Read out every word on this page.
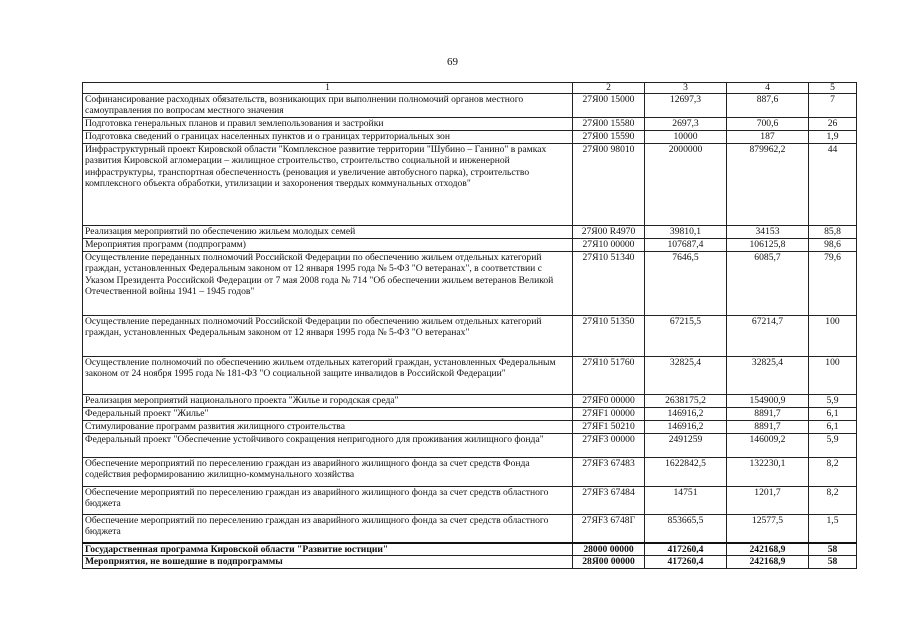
69
1	2	3	4	5
Софинансирование расходных обязательств, возникающих при выполнении полномочий органов местного самоуправления по вопросам местного значения	27Я00 15000	12697,3	887,6	7
Подготовка генеральных планов и правил землепользования и застройки	27Я00 15580	2697,3	700,6	26
Подготовка сведений о границах населенных пунктов и о границах территориальных зон	27Я00 15590	10000	187	1,9
Инфраструктурный проект Кировской области "Комплексное развитие территории "Шубино – Ганино" в рамках развития Кировской агломерации – жилищное строительство, строительство социальной и инженерной инфраструктуры, транспортная обеспеченность (реновация и увеличение автобусного парка), строительство комплексного объекта обработки, утилизации и захоронения твердых коммунальных отходов"	27Я00 98010	2000000	879962,2	44
Реализация мероприятий по обеспечению жильем молодых семей	27Я00 R4970	39810,1	34153	85,8
Мероприятия программ (подпрограмм)	27Я10 00000	107687,4	106125,8	98,6
Осуществление переданных полномочий Российской Федерации по обеспечению жильем отдельных категорий граждан, установленных Федеральным законом от 12 января 1995 года № 5-ФЗ "О ветеранах", в соответствии с Указом Президента Российской Федерации от 7 мая 2008 года № 714 "Об обеспечении жильем ветеранов Великой Отечественной войны 1941 – 1945 годов"	27Я10 51340	7646,5	6085,7	79,6
Осуществление переданных полномочий Российской Федерации по обеспечению жильем отдельных категорий граждан, установленных Федеральным законом от 12 января 1995 года № 5-ФЗ "О ветеранах"	27Я10 51350	67215,5	67214,7	100
Осуществление полномочий по обеспечению жильем отдельных категорий граждан, установленных Федеральным законом от 24 ноября 1995 года № 181-ФЗ "О социальной защите инвалидов в Российской Федерации"	27Я10 51760	32825,4	32825,4	100
Реализация мероприятий национального проекта "Жилье и городская среда"	27ЯF0 00000	2638175,2	154900,9	5,9
Федеральный проект "Жилье"	27ЯF1 00000	146916,2	8891,7	6,1
Стимулирование программ развития жилищного строительства	27ЯF1 50210	146916,2	8891,7	6,1
Федеральный проект "Обеспечение устойчивого сокращения непригодного для проживания жилищного фонда"	27ЯF3 00000	2491259	146009,2	5,9
Обеспечение мероприятий по переселению граждан из аварийного жилищного фонда за счет средств Фонда содействия реформированию жилищно-коммунального хозяйства	27ЯF3 67483	1622842,5	132230,1	8,2
Обеспечение мероприятий по переселению граждан из аварийного жилищного фонда за счет средств областного бюджета	27ЯF3 67484	14751	1201,7	8,2
Обеспечение мероприятий по переселению граждан из аварийного жилищного фонда за счет средств областного бюджета	27ЯF3 6748Г	853665,5	12577,5	1,5
Государственная программа Кировской области "Развитие юстиции"	28000 00000	417260,4	242168,9	58
Мероприятия, не вошедшие в подпрограммы	28Я00 00000	417260,4	242168,9	58
